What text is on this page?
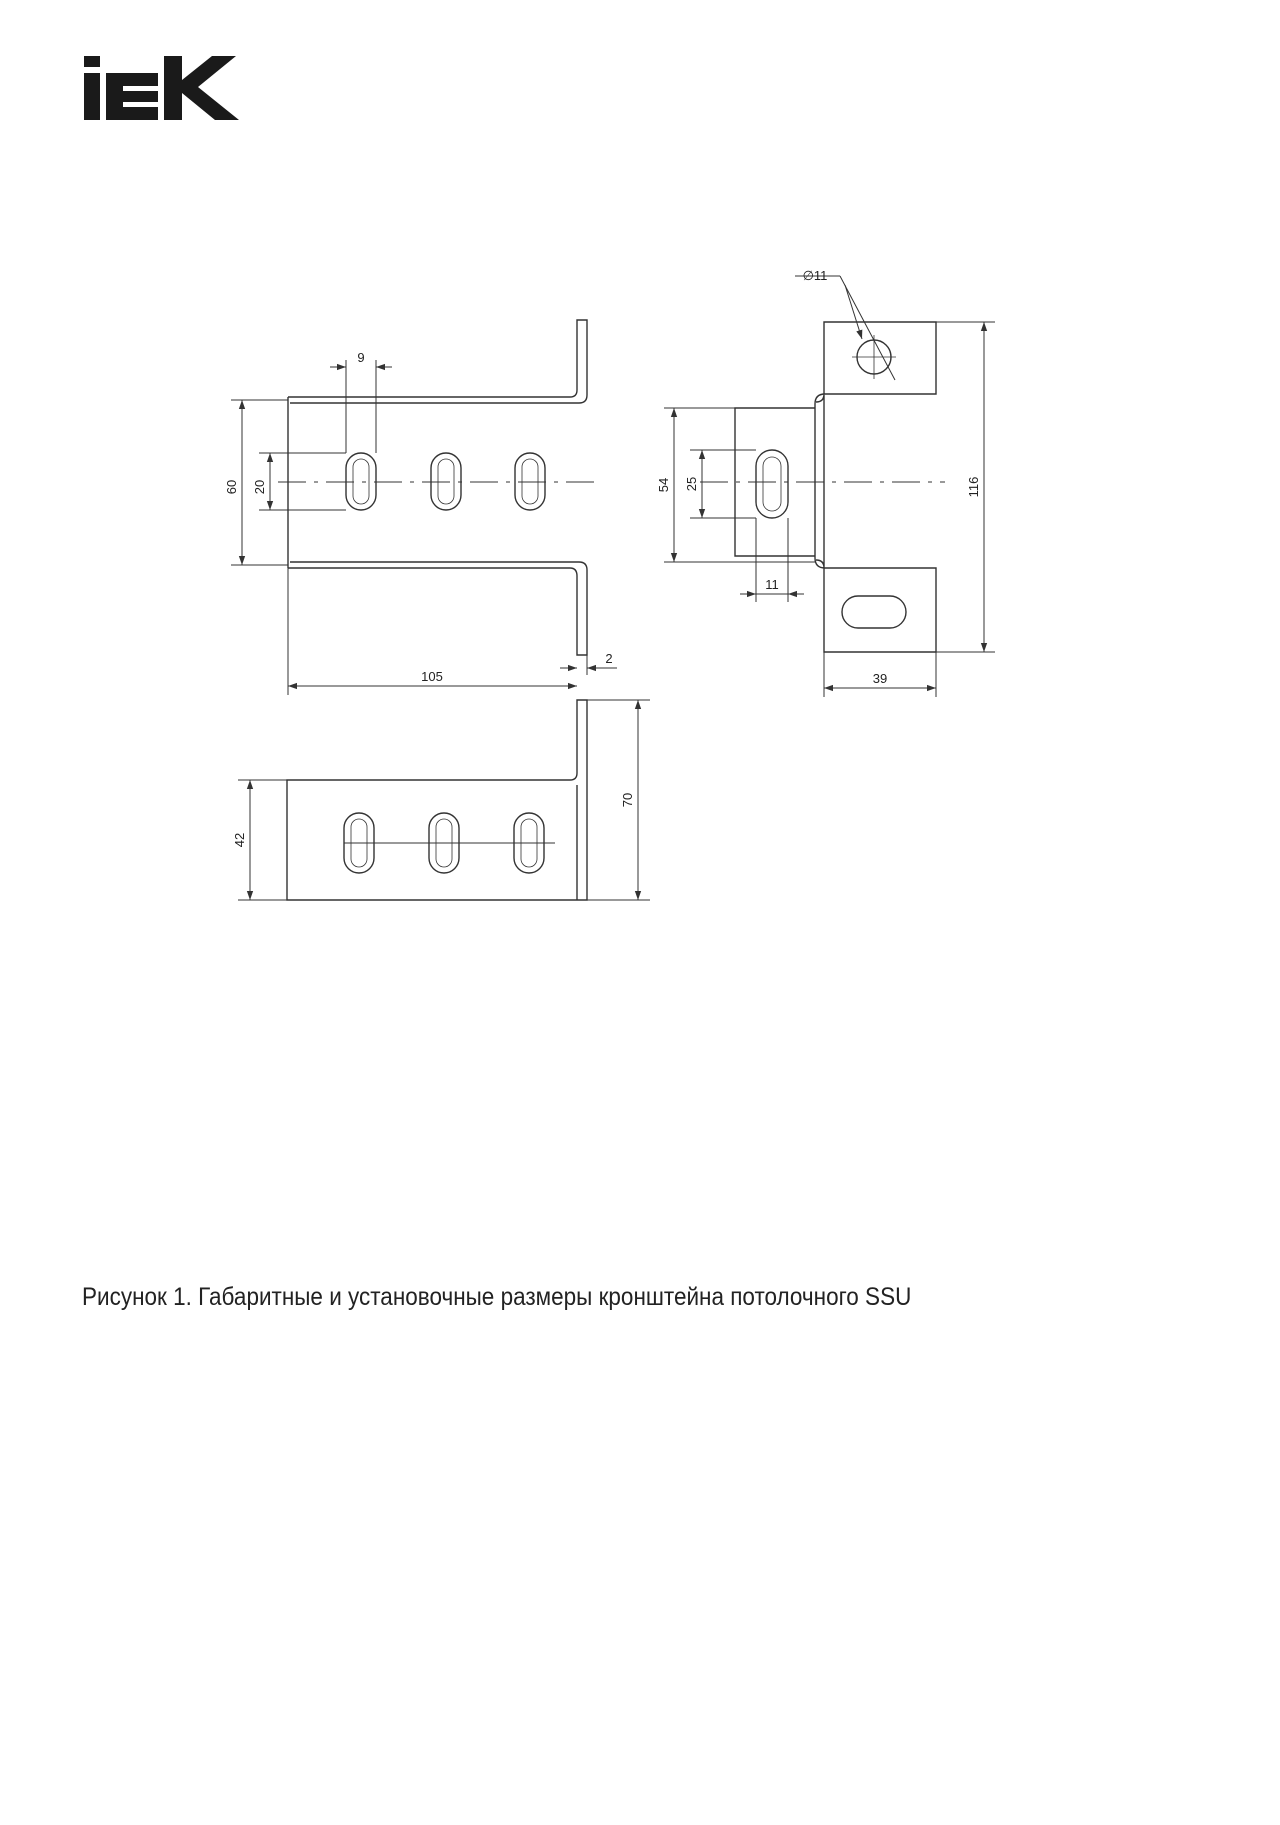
9
60 20
105
2
∅11
116
54 25
11
39
42
70
Рисунок 1. Габаритные и установочные размеры кронштейна потолочного SSU
